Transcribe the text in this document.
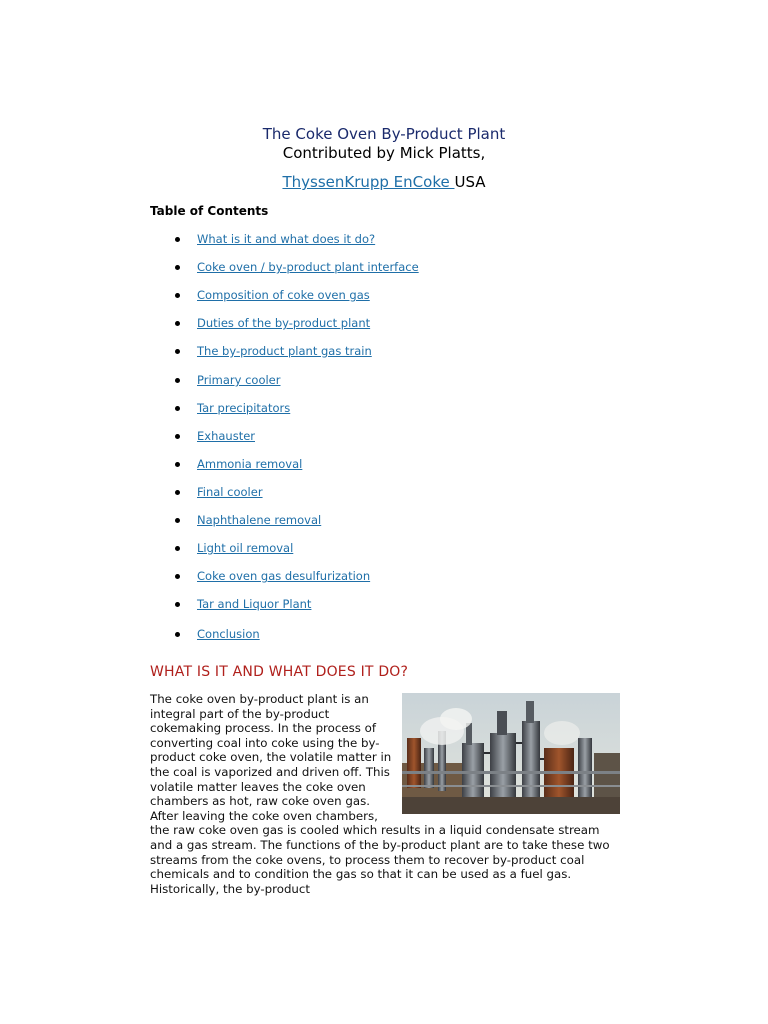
The Coke Oven By-Product Plant
Contributed by Mick Platts,
ThyssenKrupp EnCoke USA
Table of Contents
What is it and what does it do?
Coke oven / by-product plant interface
Composition of coke oven gas
Duties of the by-product plant
The by-product plant gas train
Primary cooler
Tar precipitators
Exhauster
Ammonia removal
Final cooler
Naphthalene removal
Light oil removal
Coke oven gas desulfurization
Tar and Liquor Plant
Conclusion
WHAT IS IT AND WHAT DOES IT DO?
The coke oven by-product plant is an integral part of the by-product cokemaking process. In the process of converting coal into coke using the by-product coke oven, the volatile matter in the coal is vaporized and driven off. This volatile matter leaves the coke oven chambers as hot, raw coke oven gas. After leaving the coke oven chambers, the raw coke oven gas is cooled which results in a liquid condensate stream and a gas stream. The functions of the by-product plant are to take these two streams from the coke ovens, to process them to recover by-product coal chemicals and to condition the gas so that it can be used as a fuel gas. Historically, the by-product
